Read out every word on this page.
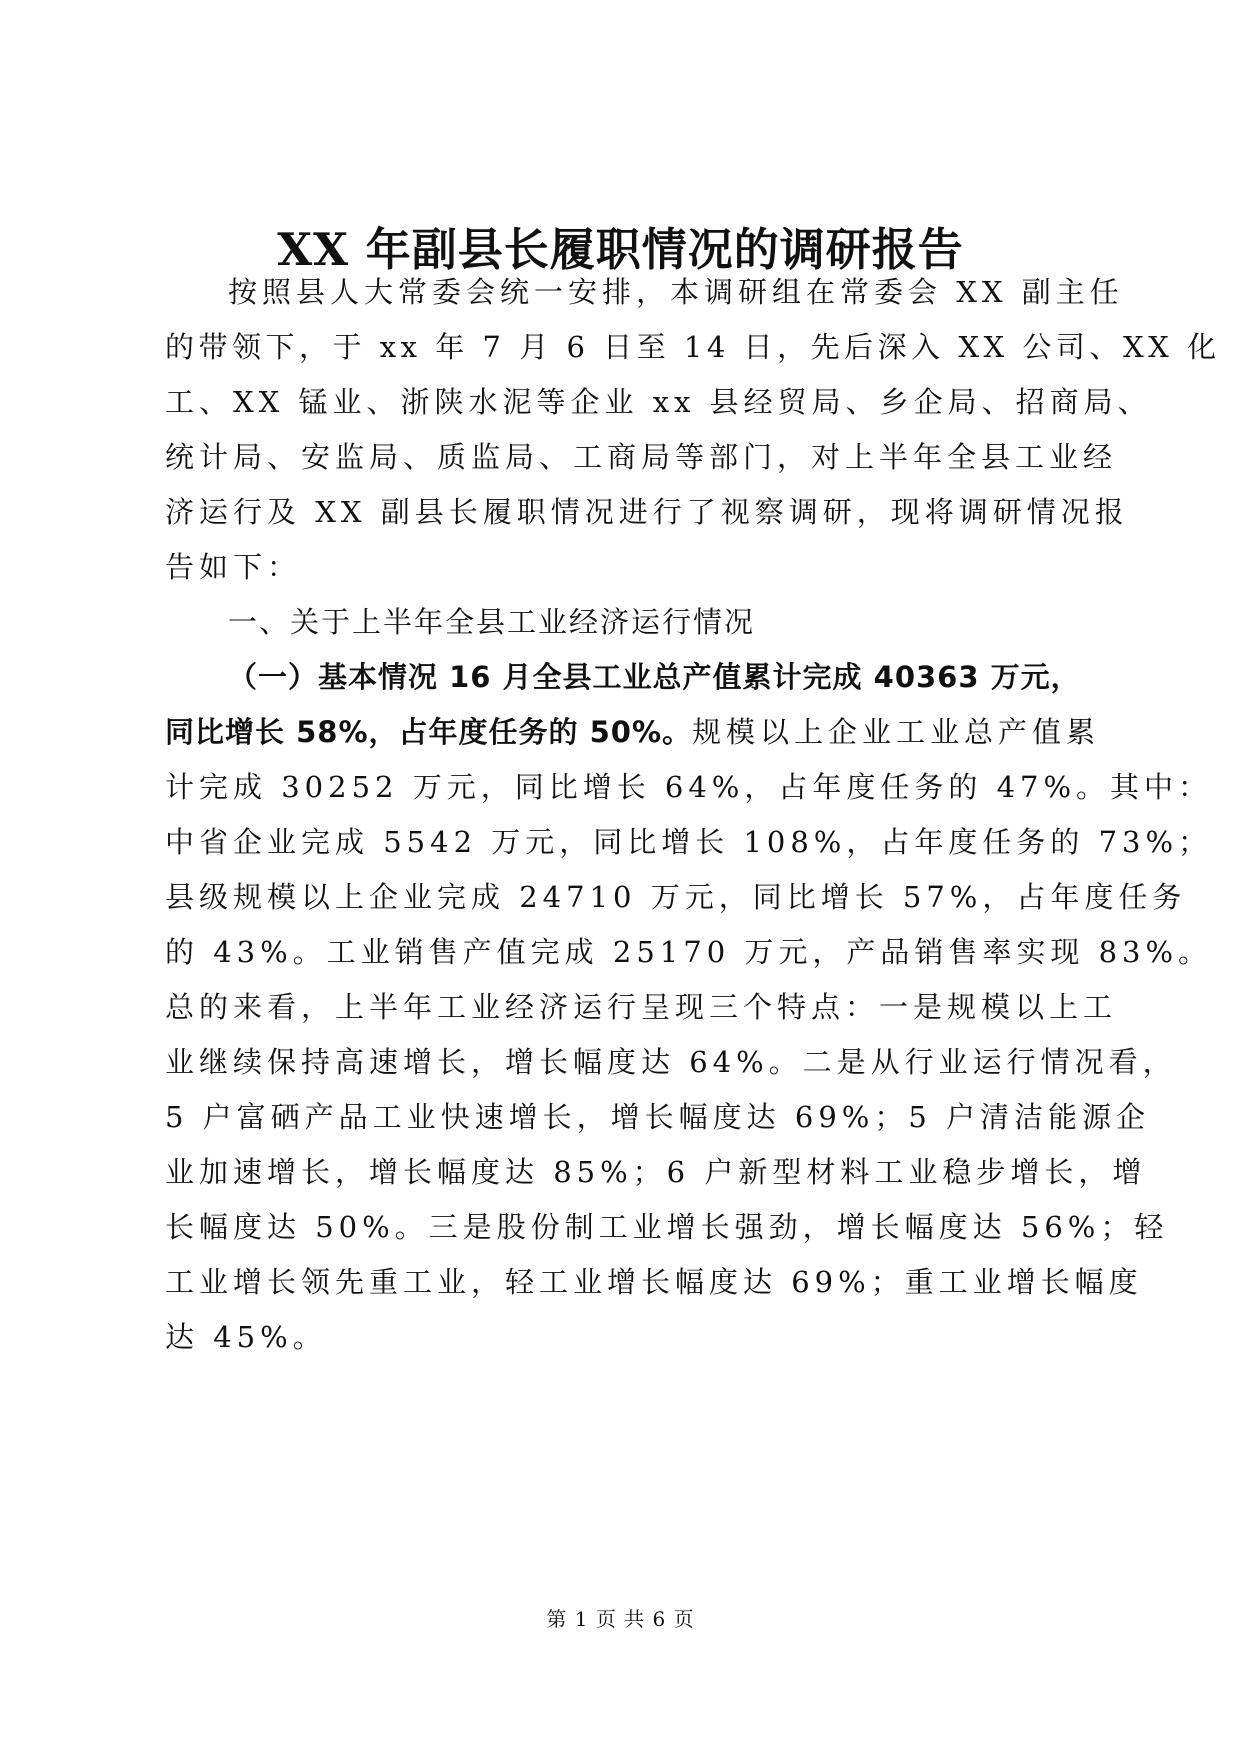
XX 年副县长履职情况的调研报告
按照县人大常委会统一安排，本调研组在常委会 XX 副主任
的带领下，于 xx 年 7 月 6 日至 14 日，先后深入 XX 公司、XX 化
工、XX 锰业、浙陕水泥等企业 xx 县经贸局、乡企局、招商局、
统计局、安监局、质监局、工商局等部门，对上半年全县工业经
济运行及 XX 副县长履职情况进行了视察调研，现将调研情况报
告如下：
一、关于上半年全县工业经济运行情况
（一）基本情况 16 月全县工业总产值累计完成 40363 万元，
同比增长 58%，占年度任务的 50%。规模以上企业工业总产值累
计完成 30252 万元，同比增长 64%，占年度任务的 47%。其中：
中省企业完成 5542 万元，同比增长 108%，占年度任务的 73%；
县级规模以上企业完成 24710 万元，同比增长 57%，占年度任务
的 43%。工业销售产值完成 25170 万元，产品销售率实现 83%。
总的来看，上半年工业经济运行呈现三个特点：一是规模以上工
业继续保持高速增长，增长幅度达 64%。二是从行业运行情况看，
5 户富硒产品工业快速增长，增长幅度达 69%；5 户清洁能源企
业加速增长，增长幅度达 85%；6 户新型材料工业稳步增长，增
长幅度达 50%。三是股份制工业增长强劲，增长幅度达 56%；轻
工业增长领先重工业，轻工业增长幅度达 69%；重工业增长幅度
达 45%。
第 1 页 共 6 页
